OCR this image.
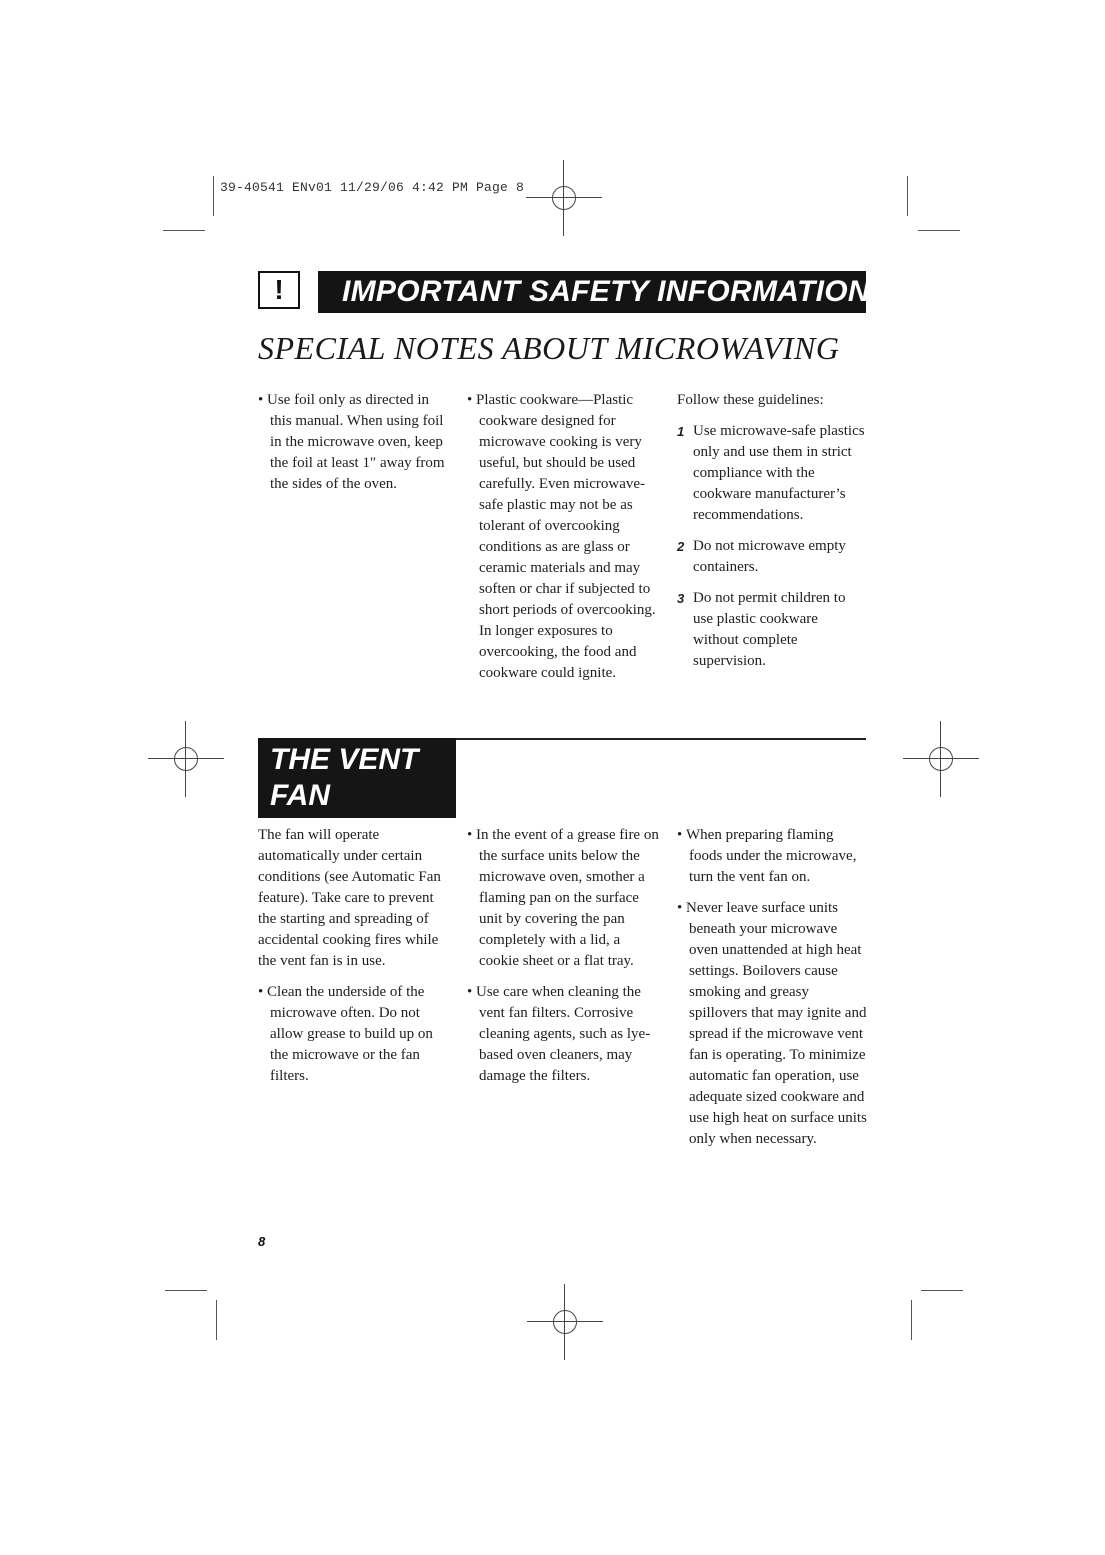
39-40541 ENv01 11/29/06 4:42 PM Page 8
!	IMPORTANT SAFETY INFORMATION
SPECIAL NOTES ABOUT MICROWAVING

• Use foil only as directed in this manual. When using foil in the microwave oven, keep the foil at least 1″ away from the sides of the oven.

• Plastic cookware—Plastic cookware designed for microwave cooking is very useful, but should be used carefully. Even microwave-safe plastic may not be as tolerant of overcooking conditions as are glass or ceramic materials and may soften or char if subjected to short periods of overcooking. In longer exposures to overcooking, the food and cookware could ignite.

Follow these guidelines:

1 Use microwave-safe plastics only and use them in strict compliance with the cookware manufacturer’s recommendations.
2 Do not microwave empty containers.
3 Do not permit children to use plastic cookware without complete supervision.
THE VENT
FAN

The fan will operate automatically under certain conditions (see Automatic Fan feature). Take care to prevent the starting and spreading of accidental cooking fires while the vent fan is in use.

• Clean the underside of the microwave often. Do not allow grease to build up on the microwave or the fan filters.

• In the event of a grease fire on the surface units below the microwave oven, smother a flaming pan on the surface unit by covering the pan completely with a lid, a cookie sheet or a flat tray.

• Use care when cleaning the vent fan filters. Corrosive cleaning agents, such as lye-based oven cleaners, may damage the filters.

• When preparing flaming foods under the microwave, turn the vent fan on.

• Never leave surface units beneath your microwave oven unattended at high heat settings. Boilovers cause smoking and greasy spillovers that may ignite and spread if the microwave vent fan is operating. To minimize automatic fan operation, use adequate sized cookware and use high heat on surface units only when necessary.

8
